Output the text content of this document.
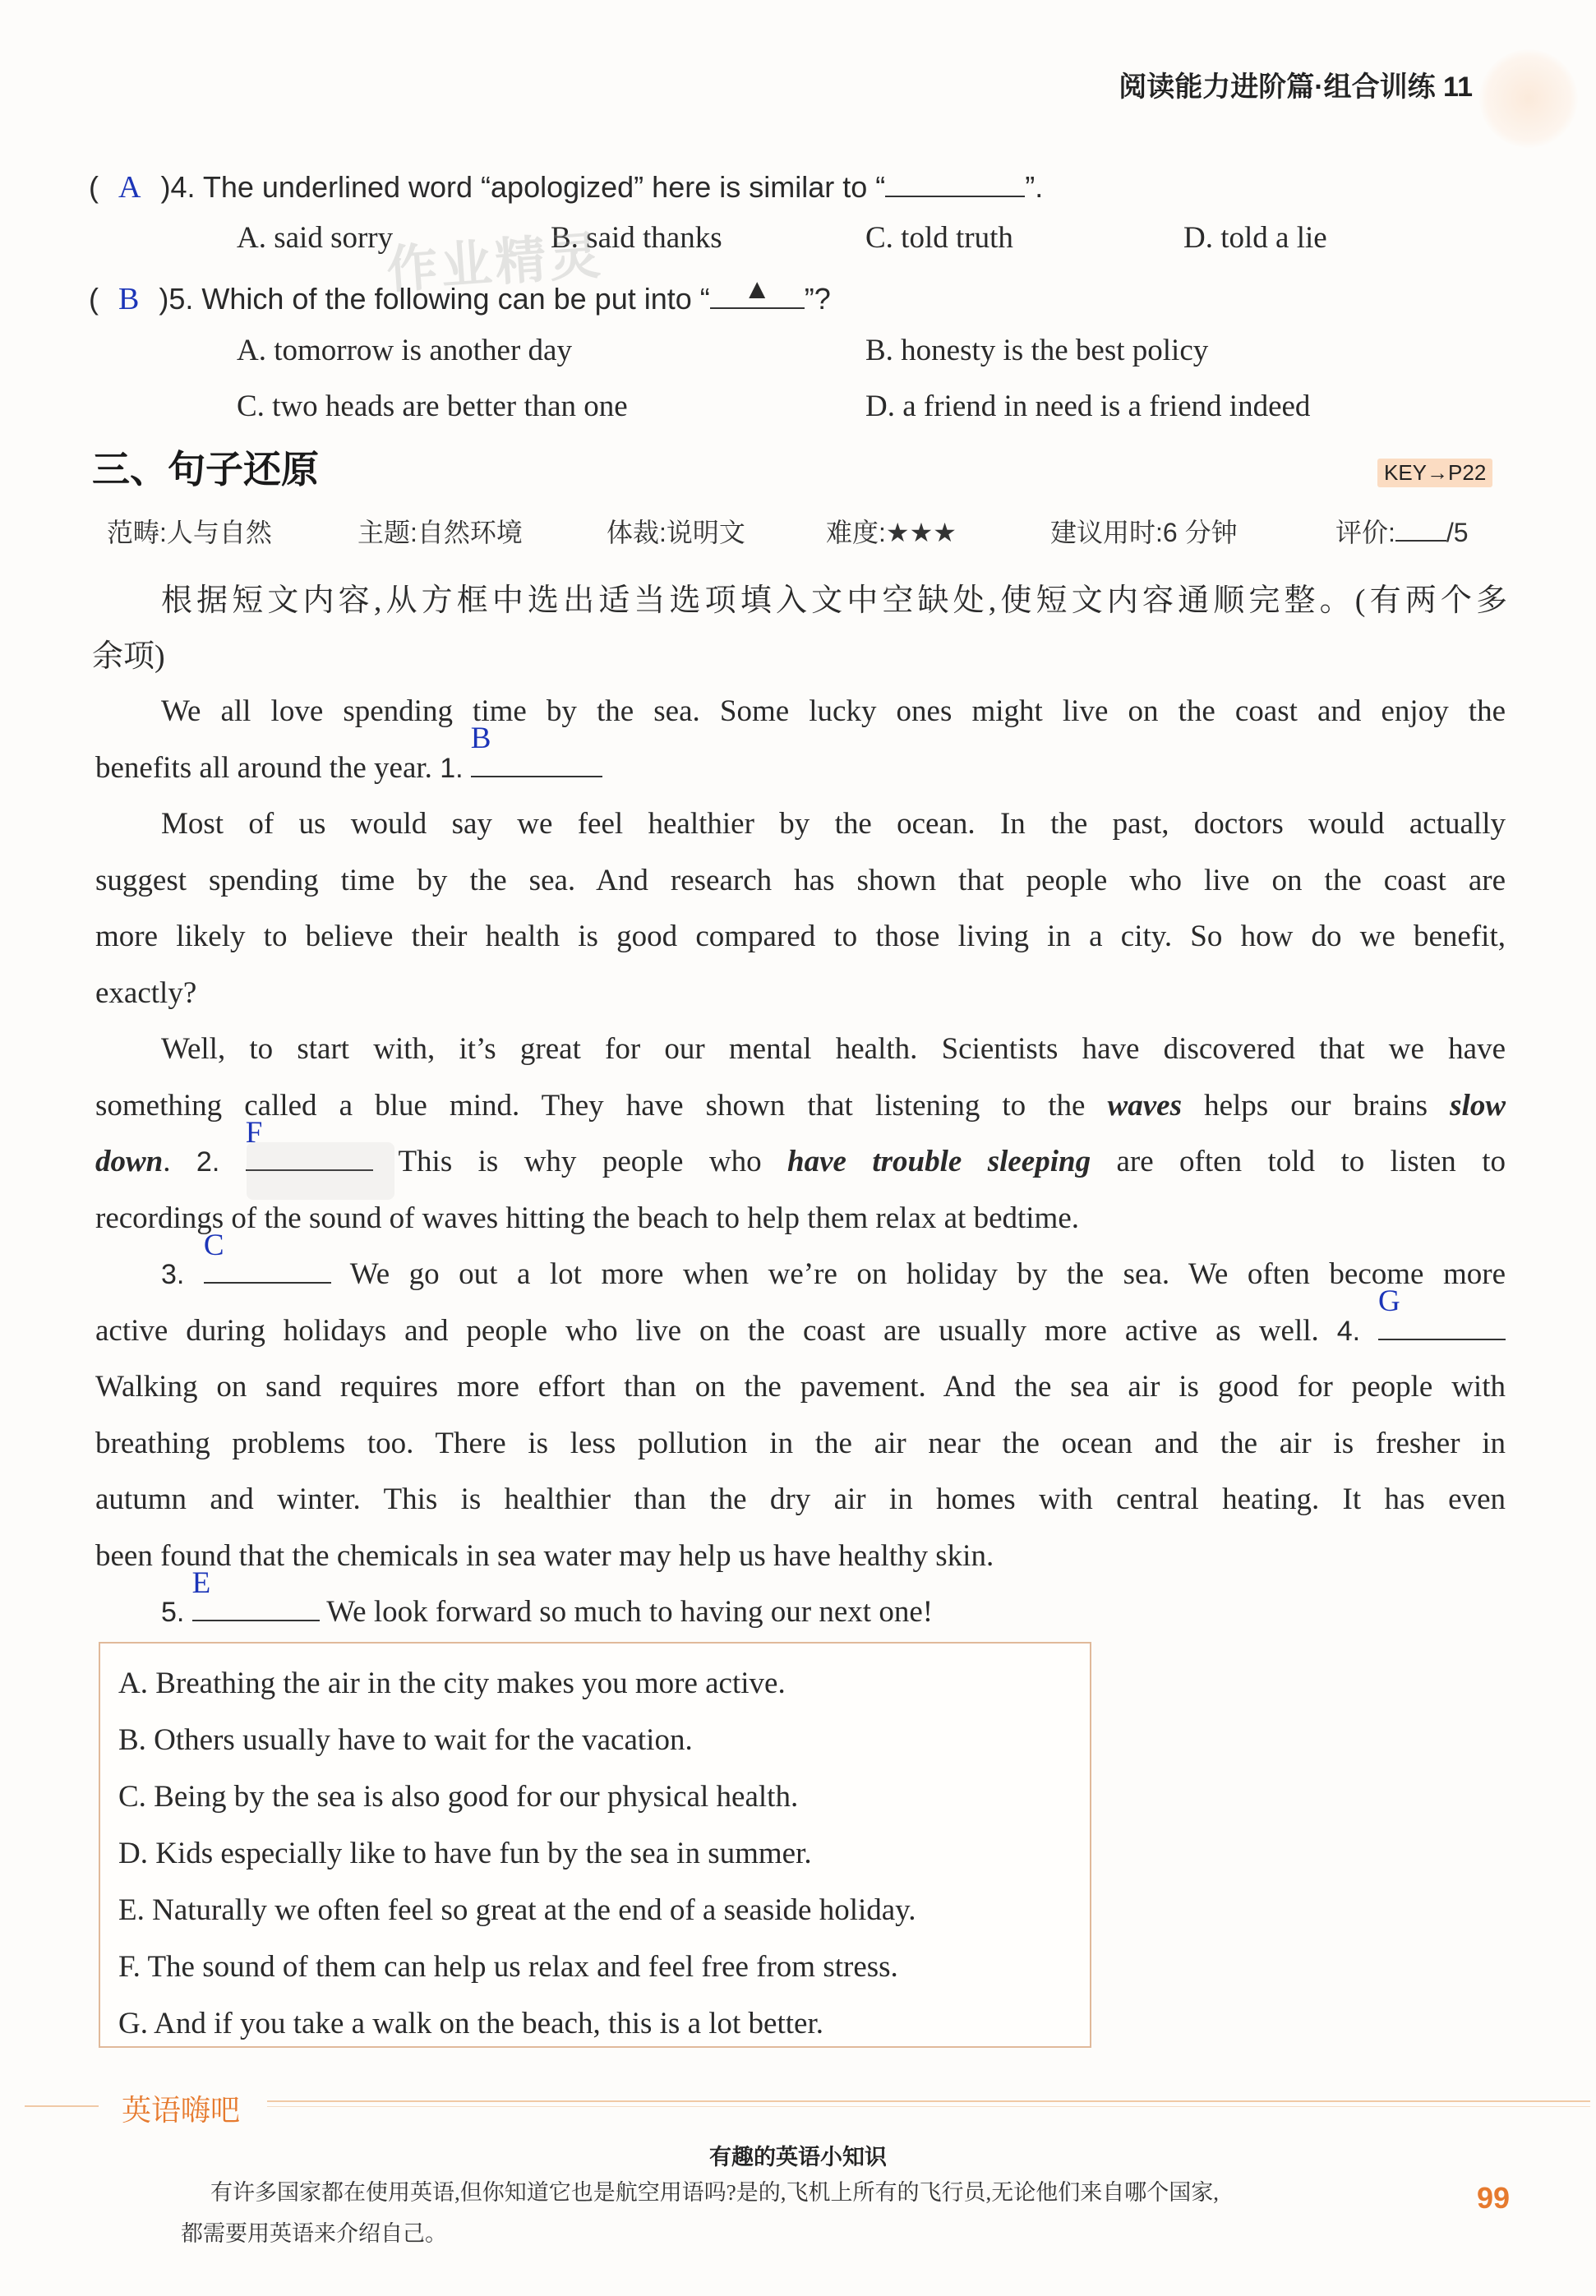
阅读能力进阶篇·组合训练 11
( A )4. The underlined word “apologized” here is similar to “	”.
A. said sorry	B. said thanks	C. told truth	D. told a lie
( B )5. Which of the following can be put into “	▲	”?
A. tomorrow is another day	B. honesty is the best policy
C. two heads are better than one	D. a friend in need is a friend indeed
作业精灵
三、句子还原	KEY→P22
范畴:人与自然	主题:自然环境	体裁:说明文	难度:★★★	建议用时:6 分钟	评价: /5
根据短文内容,从方框中选出适当选项填入文中空缺处,使短文内容通顺完整。(有两个多
余项)
We all love spending time by the sea. Some lucky ones might live on the coast and enjoy the
benefits all around the year. 1.
B
Most of us would say we feel healthier by the ocean. In the past, doctors would actually
suggest spending time by the sea. And research has shown that people who live on the coast are
more likely to believe their health is good compared to those living in a city. So how do we benefit,
exactly?
Well, to start with, it’s great for our mental health. Scientists have discovered that we have
something called a blue mind. They have shown that listening to the waves helps our brains slow
down. 2.
F
This is why people who have trouble sleeping are often told to listen to
recordings of the sound of waves hitting the beach to help them relax at bedtime.
3.
C
We go out a lot more when we’re on holiday by the sea. We often become more
active during holidays and people who live on the coast are usually more active as well. 4.
G
Walking on sand requires more effort than on the pavement. And the sea air is good for people with
breathing problems too. There is less pollution in the air near the ocean and the air is fresher in
autumn and winter. This is healthier than the dry air in homes with central heating. It has even
been found that the chemicals in sea water may help us have healthy skin.
5.
E
We look forward so much to having our next one!
A. Breathing the air in the city makes you more active.
B. Others usually have to wait for the vacation.
C. Being by the sea is also good for our physical health.
D. Kids especially like to have fun by the sea in summer.
E. Naturally we often feel so great at the end of a seaside holiday.
F. The sound of them can help us relax and feel free from stress.
G. And if you take a walk on the beach, this is a lot better.
英语嗨吧
有趣的英语小知识
有许多国家都在使用英语,但你知道它也是航空用语吗?是的,飞机上所有的飞行员,无论他们来自哪个国家,
都需要用英语来介绍自己。
99
